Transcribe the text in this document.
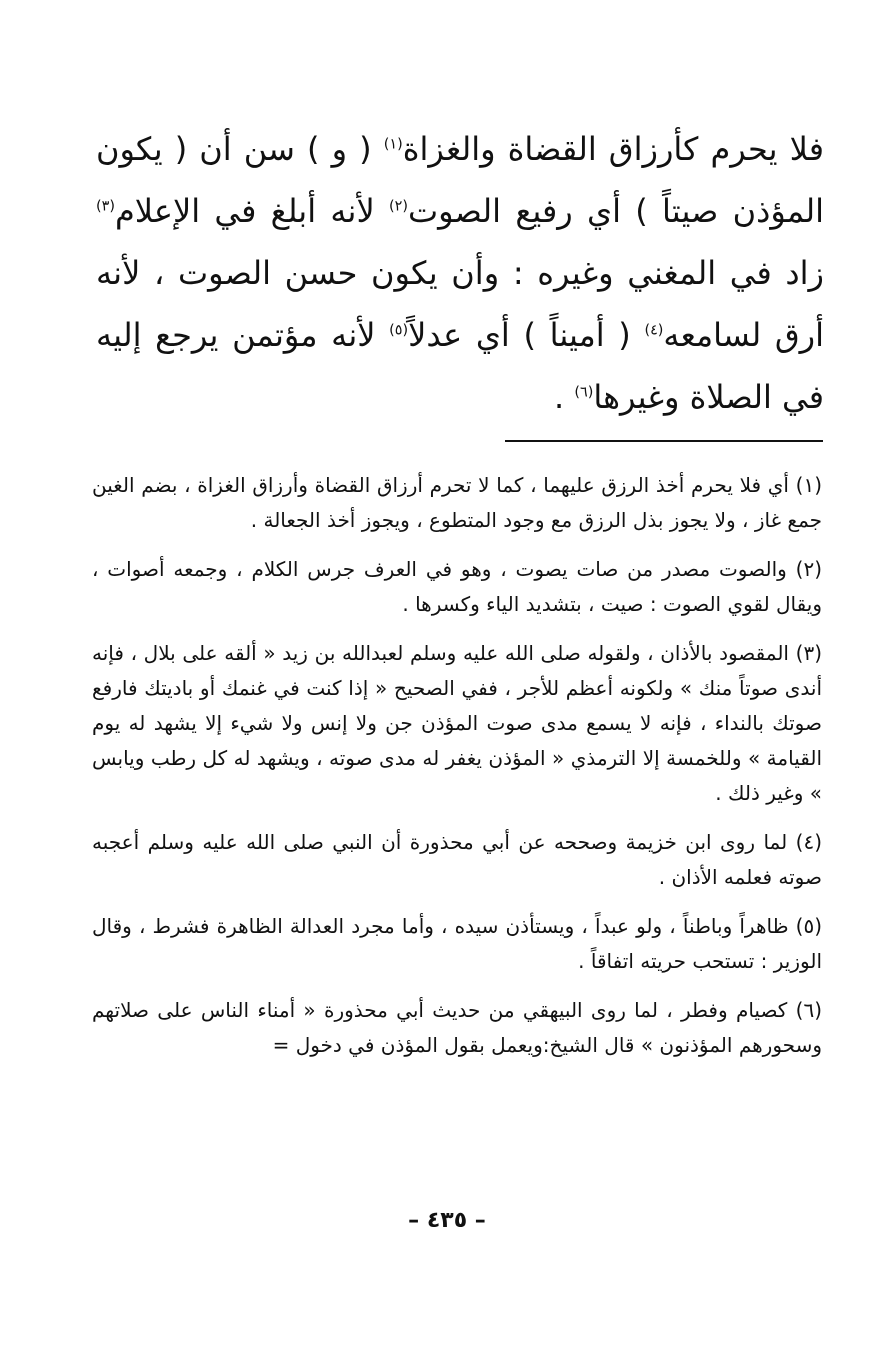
فلا يحرم كأرزاق القضاة والغزاة$^{(١)}$ ( و ) سن أن ( يكون المؤذن صيتاً ) أي رفيع الصوت$^{(٢)}$ لأنه أبلغ في الإعلام$^{(٣)}$ زاد في المغني وغيره : وأن يكون حسن الصوت ، لأنه أرق لسامعه$^{(٤)}$ ( أميناً ) أي عدلاً$^{(٥)}$ لأنه مؤتمن يرجع إليه في الصلاة وغيرها$^{(٦)}$ .

(١) أي فلا يحرم أخذ الرزق عليهما ، كما لا تحرم أرزاق القضاة وأرزاق الغزاة ، بضم الغين جمع غاز ، ولا يجوز بذل الرزق مع وجود المتطوع ، ويجوز أخذ الجعالة .

(٢) والصوت مصدر من صات يصوت ، وهو في العرف جرس الكلام ، وجمعه أصوات ، ويقال لقوي الصوت : صيت ، بتشديد الياء وكسرها .

(٣) المقصود بالأذان ، ولقوله صلى الله عليه وسلم لعبدالله بن زيد « ألقه على بلال ، فإنه أندى صوتاً منك » ولكونه أعظم للأجر ، ففي الصحيح « إذا كنت في غنمك أو باديتك فارفع صوتك بالنداء ، فإنه لا يسمع مدى صوت المؤذن جن ولا إنس ولا شيء إلا يشهد له يوم القيامة » وللخمسة إلا الترمذي « المؤذن يغفر له مدى صوته ، ويشهد له كل رطب ويابس » وغير ذلك .

(٤) لما روى ابن خزيمة وصححه عن أبي محذورة أن النبي صلى الله عليه وسلم أعجبه صوته فعلمه الأذان .

(٥) ظاهراً وباطناً ، ولو عبداً ، ويستأذن سيده ، وأما مجرد العدالة الظاهرة فشرط ، وقال الوزير : تستحب حريته اتفاقاً .

(٦) كصيام وفطر ، لما روى البيهقي من حديث أبي محذورة « أمناء الناس على صلاتهم وسحورهم المؤذنون » قال الشيخ:ويعمل بقول المؤذن في دخول =

– ٤٣٥ –
